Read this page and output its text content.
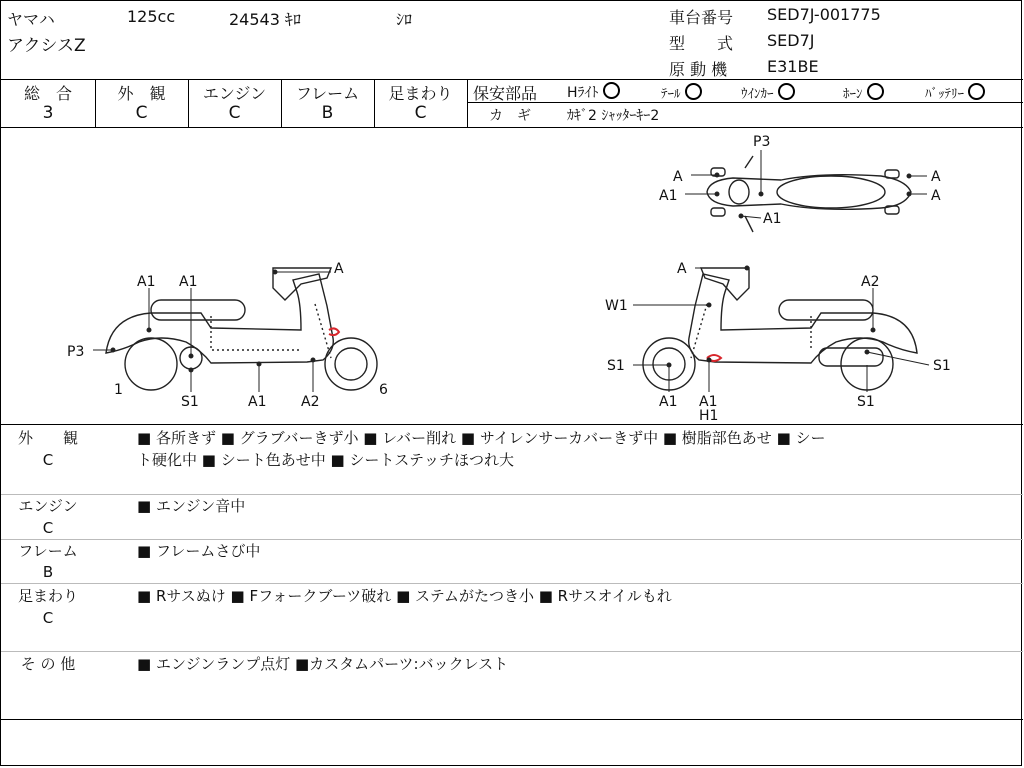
ヤマハ	125cc	24543 ｷﾛ	ｼﾛ
アクシスZ
車台番号 SED7J-001775
型　　式 SED7J
原 動 機 E31BE
総　合
3
外　観
C
エンジン
C
フレーム
B
足まわり
C
保安部品 Hﾗｲﾄ	ﾃｰﾙ	ｳｲﾝｶｰ	ﾎｰﾝ	ﾊﾞｯﾃﾘｰ
カ　ギ	ｶｷﾞ2 ｼｬｯﾀｰｷｰ2
A1 A1
A
P3
1
S1	A1 A2
6
P3
A	A
A1	A
A1
A
A2
W1
S1	S1
A1 A1
H1
S1
外　　観
C
■ 各所きず ■ グラブバーきず小 ■ レバー削れ ■ サイレンサーカバーきず中 ■ 樹脂部色あせ ■ シー
ト硬化中 ■ シート色あせ中 ■ シートステッチほつれ大
エンジン
C
■ エンジン音中
フレーム
B
■ フレームさび中
足まわり
C
■ Rサスぬけ ■ Fフォークブーツ破れ ■ ステムがたつき小 ■ Rサスオイルもれ
そ の 他	■ エンジンランプ点灯 ■カスタムパーツ:バックレスト
